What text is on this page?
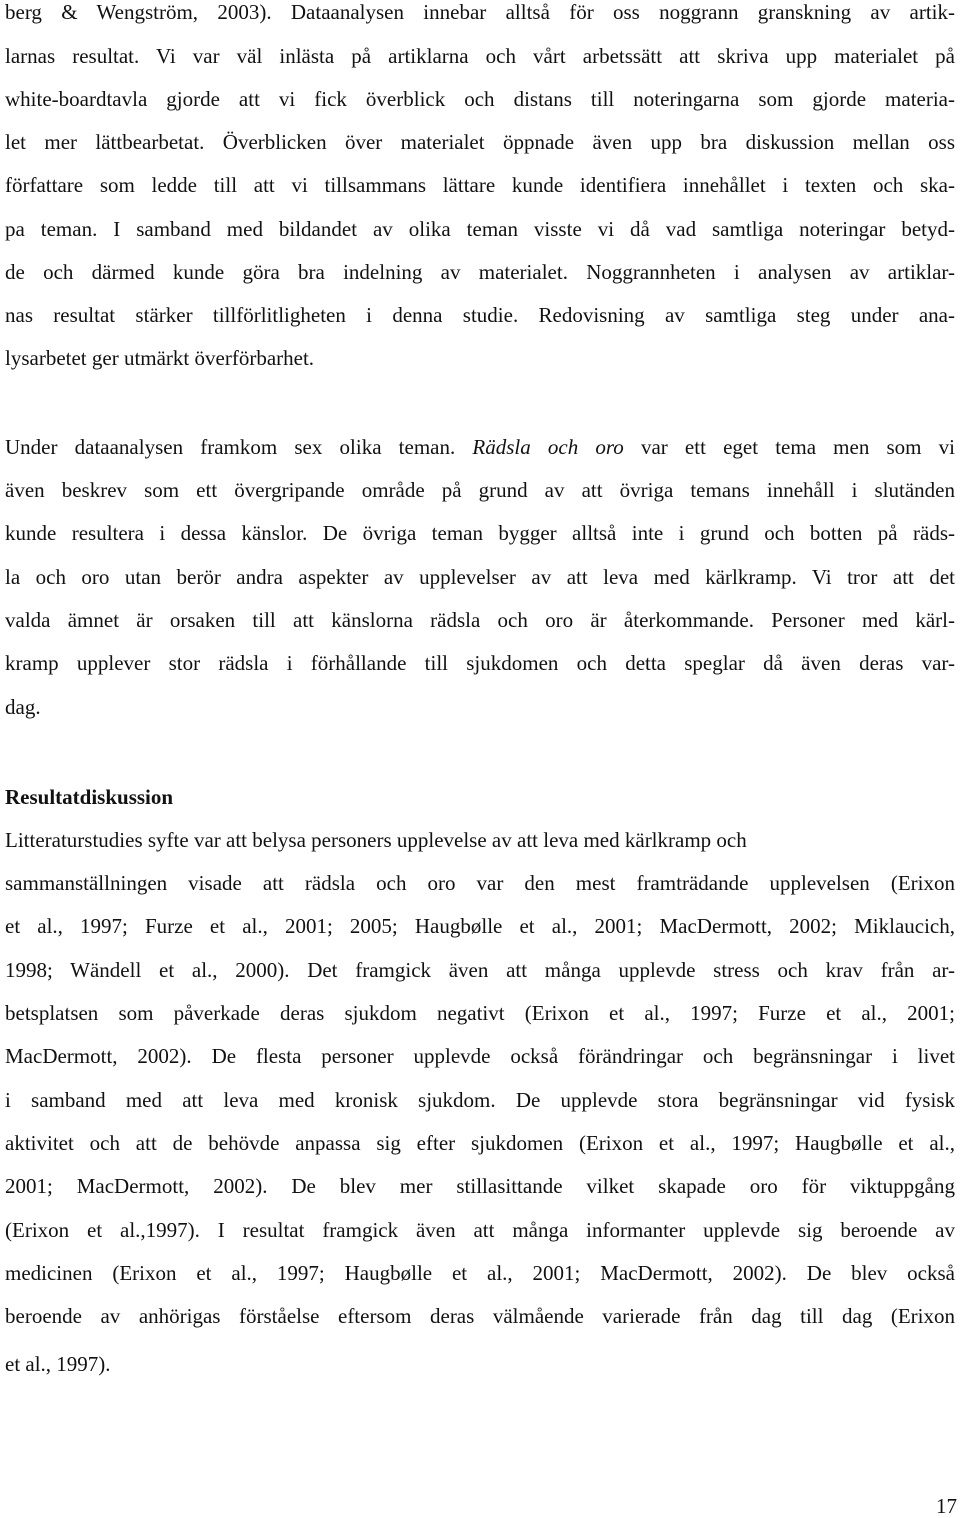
berg & Wengström, 2003). Dataanalysen innebar alltså för oss noggrann granskning av artik-
larnas resultat. Vi var väl inlästa på artiklarna och vårt arbetssätt att skriva upp materialet på
white-boardtavla gjorde att vi fick överblick och distans till noteringarna som gjorde materia-
let mer lättbearbetat. Överblicken över materialet öppnade även upp bra diskussion mellan oss
författare som ledde till att vi tillsammans lättare kunde identifiera innehållet i texten och ska-
pa teman. I samband med bildandet av olika teman visste vi då vad samtliga noteringar betyd-
de och därmed kunde göra bra indelning av materialet. Noggrannheten i analysen av artiklar-
nas resultat stärker tillförlitligheten i denna studie. Redovisning av samtliga steg under ana-
lysarbetet ger utmärkt överförbarhet.
Under dataanalysen framkom sex olika teman. Rädsla och oro var ett eget tema men som vi
även beskrev som ett övergripande område på grund av att övriga temans innehåll i slutänden
kunde resultera i dessa känslor. De övriga teman bygger alltså inte i grund och botten på räds-
la och oro utan berör andra aspekter av upplevelser av att leva med kärlkramp. Vi tror att det
valda ämnet är orsaken till att känslorna rädsla och oro är återkommande. Personer med kärl-
kramp upplever stor rädsla i förhållande till sjukdomen och detta speglar då även deras var-
dag.
Resultatdiskussion
Litteraturstudies syfte var att belysa personers upplevelse av att leva med kärlkramp och
sammanställningen visade att rädsla och oro var den mest framträdande upplevelsen (Erixon
et al., 1997; Furze et al., 2001; 2005; Haugbølle et al., 2001; MacDermott, 2002; Miklaucich,
1998; Wändell et al., 2000). Det framgick även att många upplevde stress och krav från ar-
betsplatsen som påverkade deras sjukdom negativt (Erixon et al., 1997; Furze et al., 2001;
MacDermott, 2002). De flesta personer upplevde också förändringar och begränsningar i livet
i samband med att leva med kronisk sjukdom. De upplevde stora begränsningar vid fysisk
aktivitet och att de behövde anpassa sig efter sjukdomen (Erixon et al., 1997; Haugbølle et al.,
2001; MacDermott, 2002). De blev mer stillasittande vilket skapade oro för viktuppgång
(Erixon et al.,1997). I resultat framgick även att många informanter upplevde sig beroende av
medicinen (Erixon et al., 1997; Haugbølle et al., 2001; MacDermott, 2002). De blev också
beroende av anhörigas förståelse eftersom deras välmående varierade från dag till dag (Erixon
et al., 1997).
17
